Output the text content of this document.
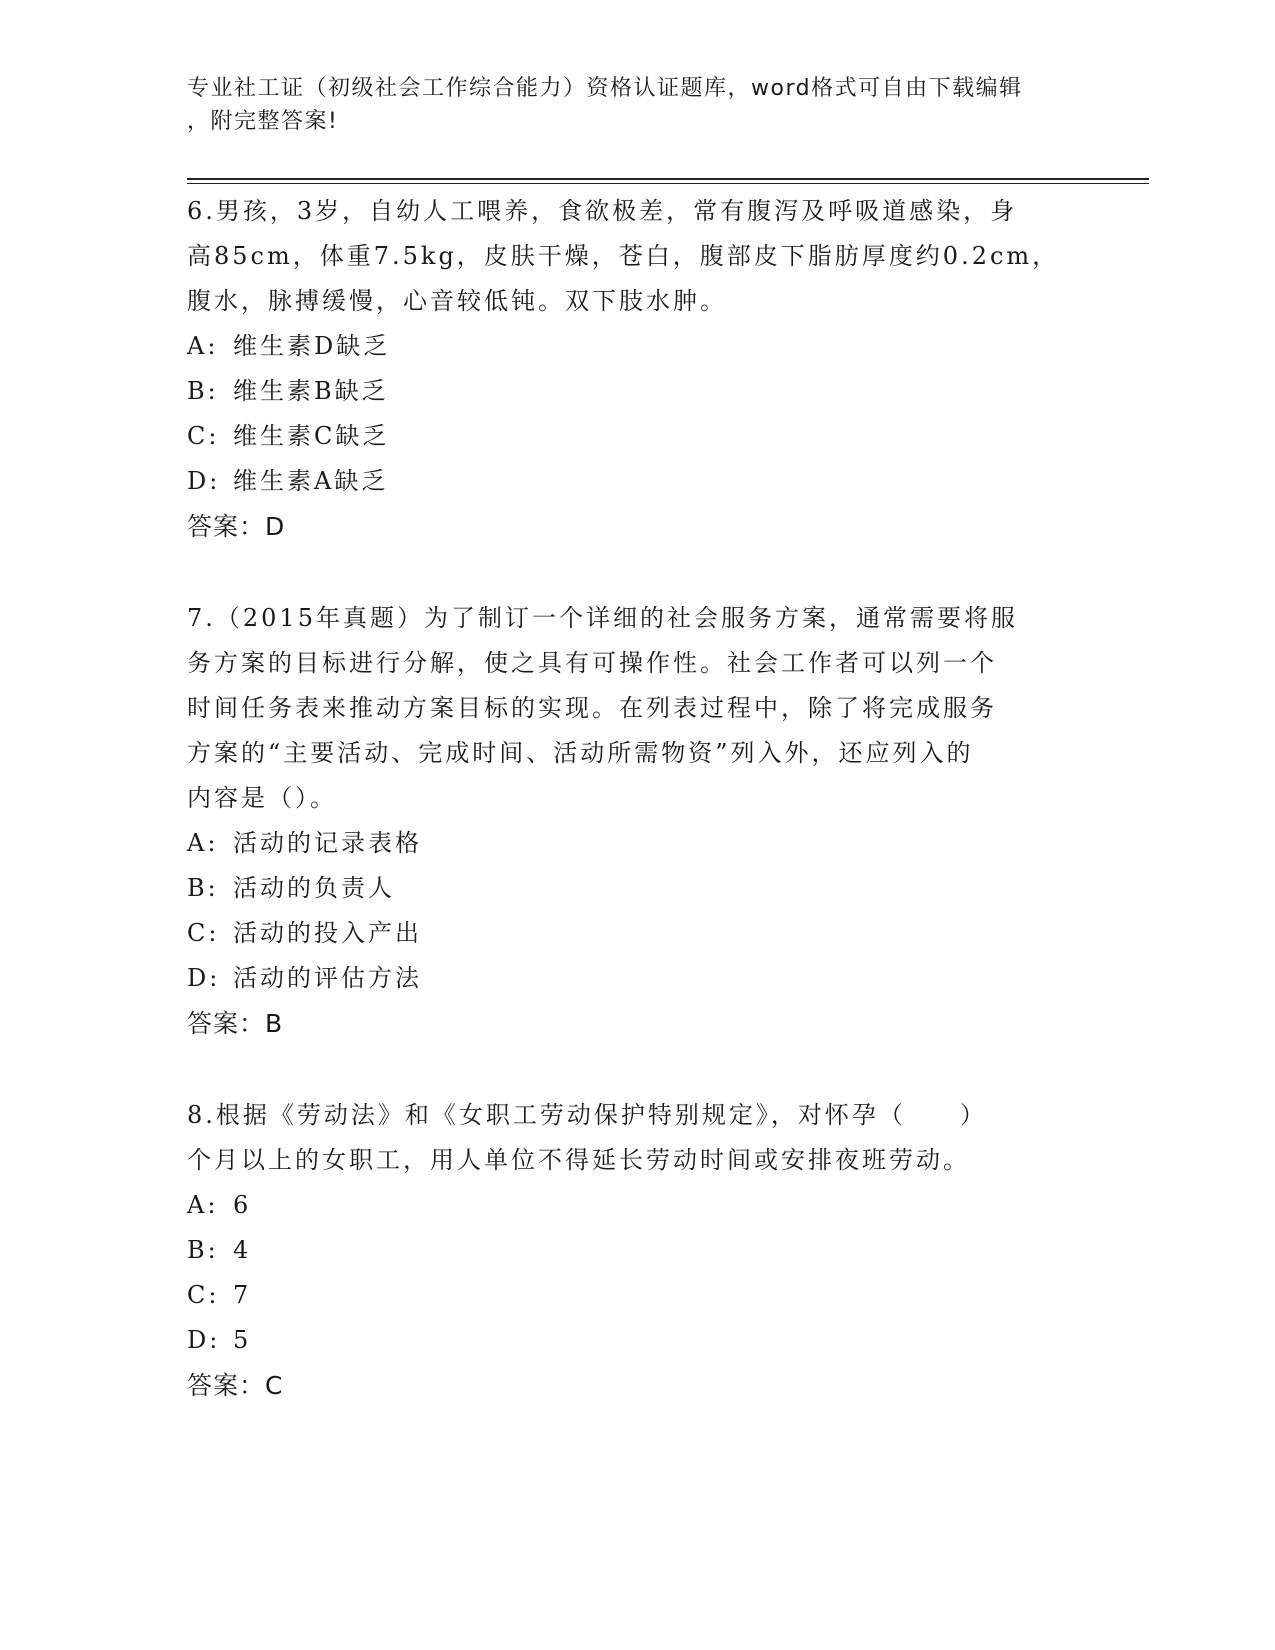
专业社工证（初级社会工作综合能力）资格认证题库，word格式可自由下载编辑
，附完整答案!

6.男孩，3岁，自幼人工喂养，食欲极差，常有腹泻及呼吸道感染，身

高85cm，体重7.5kg，皮肤干燥，苍白，腹部皮下脂肪厚度约0.2cm，

腹水，脉搏缓慢，心音较低钝。双下肢水肿。

A: 维生素D缺乏

B: 维生素B缺乏

C: 维生素C缺乏

D: 维生素A缺乏

答案：D

7.（2015年真题）为了制订一个详细的社会服务方案，通常需要将服

务方案的目标进行分解，使之具有可操作性。社会工作者可以列一个

时间任务表来推动方案目标的实现。在列表过程中，除了将完成服务

方案的“主要活动、完成时间、活动所需物资”列入外，还应列入的

内容是（）。

A: 活动的记录表格

B: 活动的负责人

C: 活动的投入产出

D: 活动的评估方法

答案：B

8.根据《劳动法》和《女职工劳动保护特别规定》，对怀孕（　　）

个月以上的女职工，用人单位不得延长劳动时间或安排夜班劳动。

A: 6

B: 4

C: 7

D: 5

答案：C
